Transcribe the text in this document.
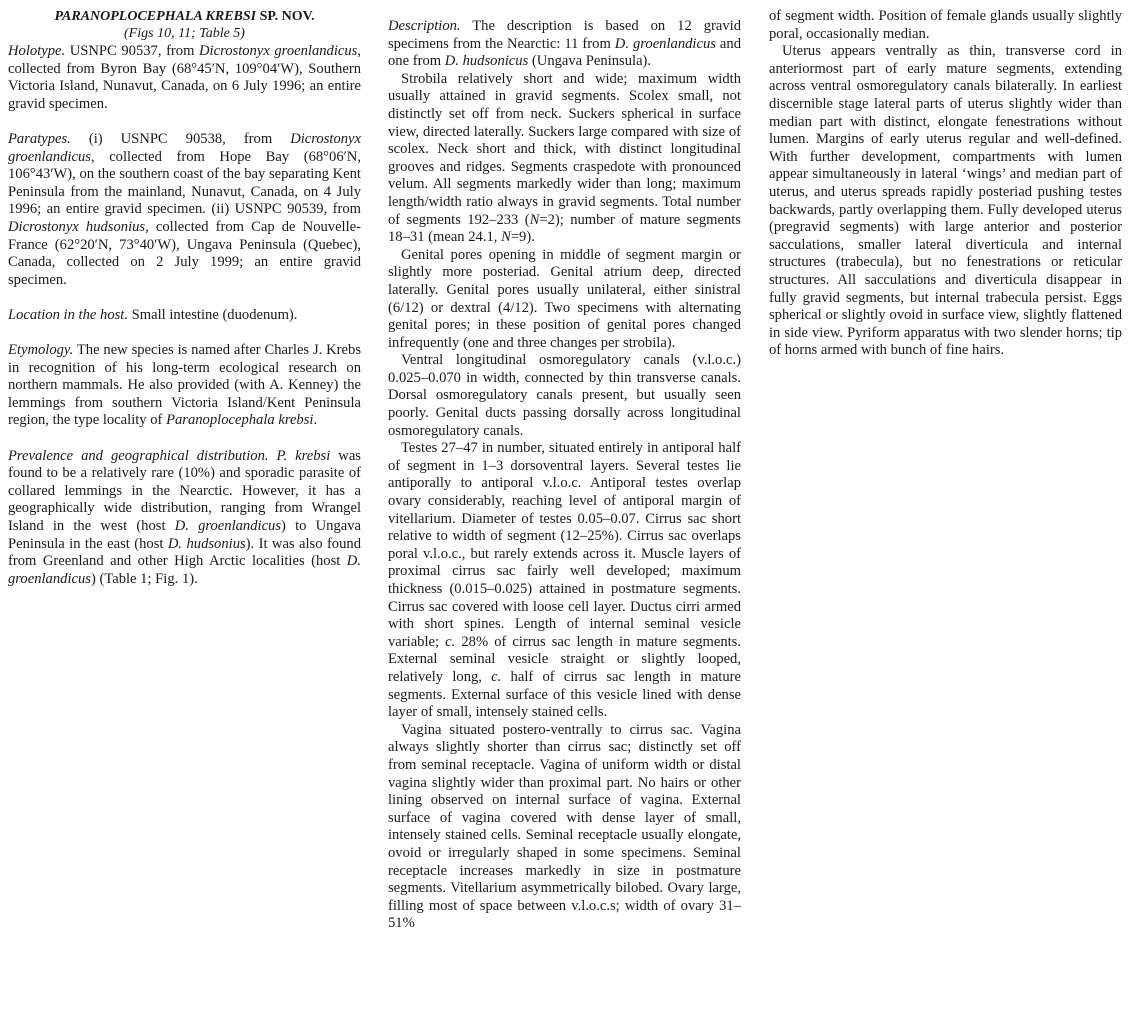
PARANOPLOCEPHALA KREBSI SP. NOV.

(Figs 10, 11; Table 5)

Holotype. USNPC 90537, from Dicrostonyx groenlandicus, collected from Byron Bay (68°45′N, 109°04′W), Southern Victoria Island, Nunavut, Canada, on 6 July 1996; an entire gravid specimen.

Paratypes. (i) USNPC 90538, from Dicrostonyx groenlandicus, collected from Hope Bay (68°06′N, 106°43′W), on the southern coast of the bay separating Kent Peninsula from the mainland, Nunavut, Canada, on 4 July 1996; an entire gravid specimen. (ii) USNPC 90539, from Dicrostonyx hudsonius, collected from Cap de Nouvelle-France (62°20′N, 73°40′W), Ungava Peninsula (Quebec), Canada, collected on 2 July 1999; an entire gravid specimen.

Location in the host. Small intestine (duodenum).

Etymology. The new species is named after Charles J. Krebs in recognition of his long-term ecological research on northern mammals. He also provided (with A. Kenney) the lemmings from southern Victoria Island/Kent Peninsula region, the type locality of Paranoplocephala krebsi.

Prevalence and geographical distribution. P. krebsi was found to be a relatively rare (10%) and sporadic parasite of collared lemmings in the Nearctic. However, it has a geographically wide distribution, ranging from Wrangel Island in the west (host D. groenlandicus) to Ungava Peninsula in the east (host D. hudsonius). It was also found from Greenland and other High Arctic localities (host D. groenlandicus) (Table 1; Fig. 1).

Description. The description is based on 12 gravid specimens from the Nearctic: 11 from D. groenlandicus and one from D. hudsonicus (Ungava Peninsula).

Strobila relatively short and wide; maximum width usually attained in gravid segments. Scolex small, not distinctly set off from neck. Suckers spherical in surface view, directed laterally. Suckers large compared with size of scolex. Neck short and thick, with distinct longitudinal grooves and ridges. Segments craspedote with pronounced velum. All segments markedly wider than long; maximum length/width ratio always in gravid segments. Total number of segments 192–233 (N=2); number of mature segments 18–31 (mean 24.1, N=9).

Genital pores opening in middle of segment margin or slightly more posteriad. Genital atrium deep, directed laterally. Genital pores usually unilateral, either sinistral (6/12) or dextral (4/12). Two specimens with alternating genital pores; in these position of genital pores changed infrequently (one and three changes per strobila).

Ventral longitudinal osmoregulatory canals (v.l.o.c.) 0.025–0.070 in width, connected by thin transverse canals. Dorsal osmoregulatory canals present, but usually seen poorly. Genital ducts passing dorsally across longitudinal osmoregulatory canals.

Testes 27–47 in number, situated entirely in antiporal half of segment in 1–3 dorsoventral layers. Several testes lie antiporally to antiporal v.l.o.c. Antiporal testes overlap ovary considerably, reaching level of antiporal margin of vitellarium. Diameter of testes 0.05–0.07. Cirrus sac short relative to width of segment (12–25%). Cirrus sac overlaps poral v.l.o.c., but rarely extends across it. Muscle layers of proximal cirrus sac fairly well developed; maximum thickness (0.015–0.025) attained in postmature segments. Cirrus sac covered with loose cell layer. Ductus cirri armed with short spines. Length of internal seminal vesicle variable; c. 28% of cirrus sac length in mature segments. External seminal vesicle straight or slightly looped, relatively long, c. half of cirrus sac length in mature segments. External surface of this vesicle lined with dense layer of small, intensely stained cells.

Vagina situated postero-ventrally to cirrus sac. Vagina always slightly shorter than cirrus sac; distinctly set off from seminal receptacle. Vagina of uniform width or distal vagina slightly wider than proximal part. No hairs or other lining observed on internal surface of vagina. External surface of vagina covered with dense layer of small, intensely stained cells. Seminal receptacle usually elongate, ovoid or irregularly shaped in some specimens. Seminal receptacle increases markedly in size in postmature segments. Vitellarium asymmetrically bilobed. Ovary large, filling most of space between v.l.o.c.s; width of ovary 31–51%

of segment width. Position of female glands usually slightly poral, occasionally median.

Uterus appears ventrally as thin, transverse cord in anteriormost part of early mature segments, extending across ventral osmoregulatory canals bilaterally. In earliest discernible stage lateral parts of uterus slightly wider than median part with distinct, elongate fenestrations without lumen. Margins of early uterus regular and well-defined. With further development, compartments with lumen appear simultaneously in lateral ‘wings’ and median part of uterus, and uterus spreads rapidly posteriad pushing testes backwards, partly overlapping them. Fully developed uterus (pregravid segments) with large anterior and posterior sacculations, smaller lateral diverticula and internal structures (trabecula), but no fenestrations or reticular structures. All sacculations and diverticula disappear in fully gravid segments, but internal trabecula persist. Eggs spherical or slightly ovoid in surface view, slightly flattened in side view. Pyriform apparatus with two slender horns; tip of horns armed with bunch of fine hairs.
